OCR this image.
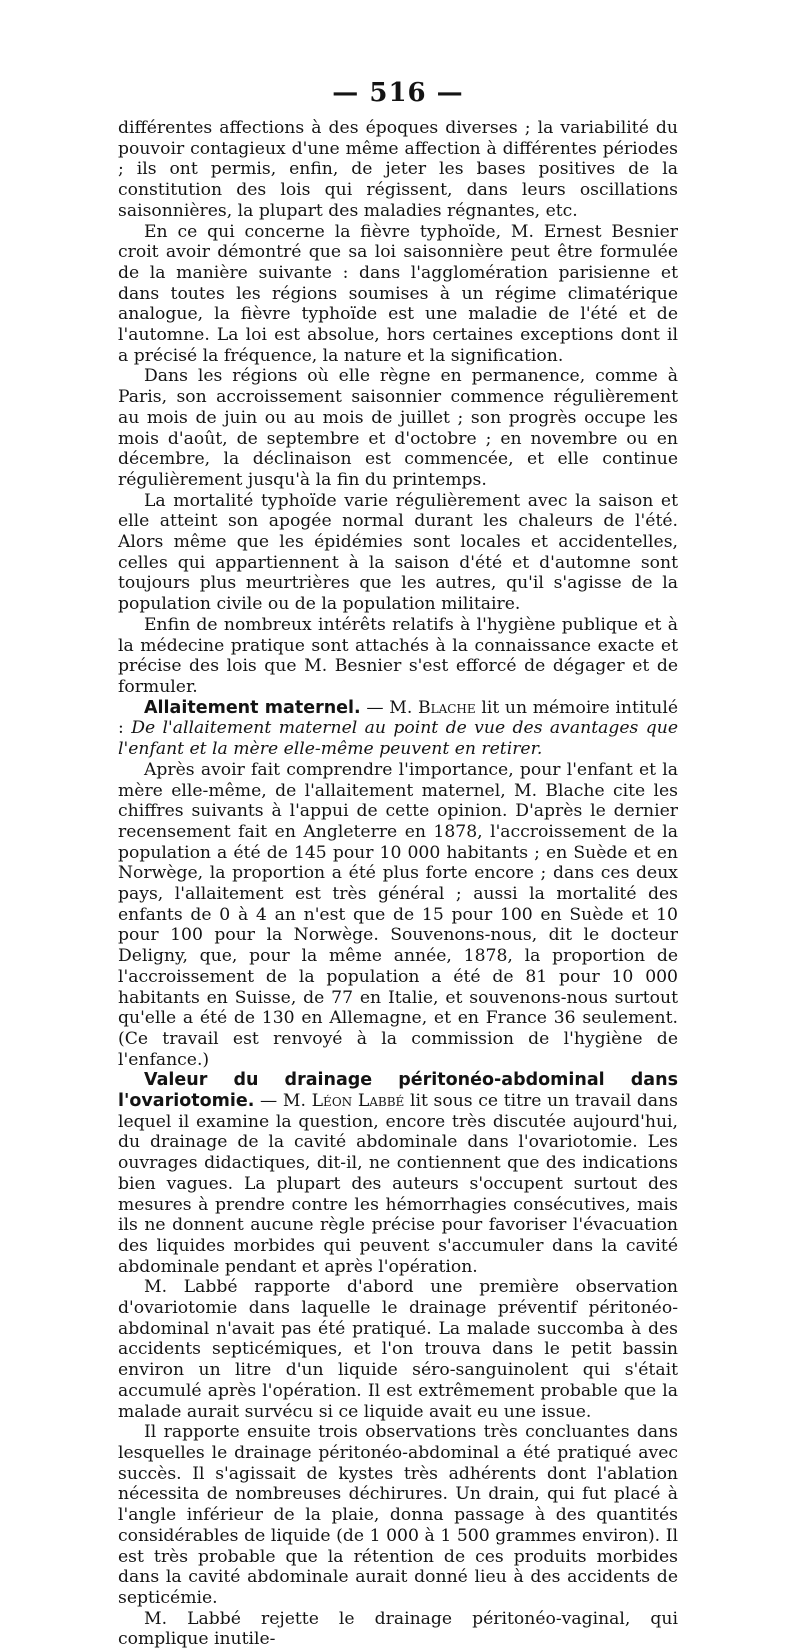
— 516 —

différentes affections à des époques diverses ; la variabilité du pouvoir contagieux d'une même affection à différentes périodes ; ils ont permis, enfin, de jeter les bases positives de la constitution des lois qui régissent, dans leurs oscillations saisonnières, la plupart des maladies régnantes, etc.

En ce qui concerne la fièvre typhoïde, M. Ernest Besnier croit avoir démontré que sa loi saisonnière peut être formulée de la manière suivante : dans l'agglomération parisienne et dans toutes les régions soumises à un régime climatérique analogue, la fièvre typhoïde est une maladie de l'été et de l'automne. La loi est absolue, hors certaines exceptions dont il a précisé la fréquence, la nature et la signification.

Dans les régions où elle règne en permanence, comme à Paris, son accroissement saisonnier commence régulièrement au mois de juin ou au mois de juillet ; son progrès occupe les mois d'août, de septembre et d'octobre ; en novembre ou en décembre, la déclinaison est commencée, et elle continue régulièrement jusqu'à la fin du printemps.

La mortalité typhoïde varie régulièrement avec la saison et elle atteint son apogée normal durant les chaleurs de l'été. Alors même que les épidémies sont locales et accidentelles, celles qui appartiennent à la saison d'été et d'automne sont toujours plus meurtrières que les autres, qu'il s'agisse de la population civile ou de la population militaire.

Enfin de nombreux intérêts relatifs à l'hygiène publique et à la médecine pratique sont attachés à la connaissance exacte et précise des lois que M. Besnier s'est efforcé de dégager et de formuler.

Allaitement maternel. — M. Blache lit un mémoire intitulé : De l'allaitement maternel au point de vue des avantages que l'enfant et la mère elle-même peuvent en retirer.

Après avoir fait comprendre l'importance, pour l'enfant et la mère elle-même, de l'allaitement maternel, M. Blache cite les chiffres suivants à l'appui de cette opinion. D'après le dernier recensement fait en Angleterre en 1878, l'accroissement de la population a été de 145 pour 10 000 habitants ; en Suède et en Norwège, la proportion a été plus forte encore ; dans ces deux pays, l'allaitement est très général ; aussi la mortalité des enfants de 0 à 4 an n'est que de 15 pour 100 en Suède et 10 pour 100 pour la Norwège. Souvenons-nous, dit le docteur Deligny, que, pour la même année, 1878, la proportion de l'accroissement de la population a été de 81 pour 10 000 habitants en Suisse, de 77 en Italie, et souvenons-nous surtout qu'elle a été de 130 en Allemagne, et en France 36 seulement. (Ce travail est renvoyé à la commission de l'hygiène de l'enfance.)

Valeur du drainage péritonéo-abdominal dans l'ovariotomie. — M. Léon Labbé lit sous ce titre un travail dans lequel il examine la question, encore très discutée aujourd'hui, du drainage de la cavité abdominale dans l'ovariotomie. Les ouvrages didactiques, dit-il, ne contiennent que des indications bien vagues. La plupart des auteurs s'occupent surtout des mesures à prendre contre les hémorrhagies consécutives, mais ils ne donnent aucune règle précise pour favoriser l'évacuation des liquides morbides qui peuvent s'accumuler dans la cavité abdominale pendant et après l'opération.

M. Labbé rapporte d'abord une première observation d'ovariotomie dans laquelle le drainage préventif péritonéo-abdominal n'avait pas été pratiqué. La malade succomba à des accidents septicémiques, et l'on trouva dans le petit bassin environ un litre d'un liquide séro-sanguinolent qui s'était accumulé après l'opération. Il est extrêmement probable que la malade aurait survécu si ce liquide avait eu une issue.

Il rapporte ensuite trois observations très concluantes dans lesquelles le drainage péritonéo-abdominal a été pratiqué avec succès. Il s'agissait de kystes très adhérents dont l'ablation nécessita de nombreuses déchirures. Un drain, qui fut placé à l'angle inférieur de la plaie, donna passage à des quantités considérables de liquide (de 1 000 à 1 500 grammes environ). Il est très probable que la rétention de ces produits morbides dans la cavité abdominale aurait donné lieu à des accidents de septicémie.

M. Labbé rejette le drainage péritonéo-vaginal, qui complique inutile-
